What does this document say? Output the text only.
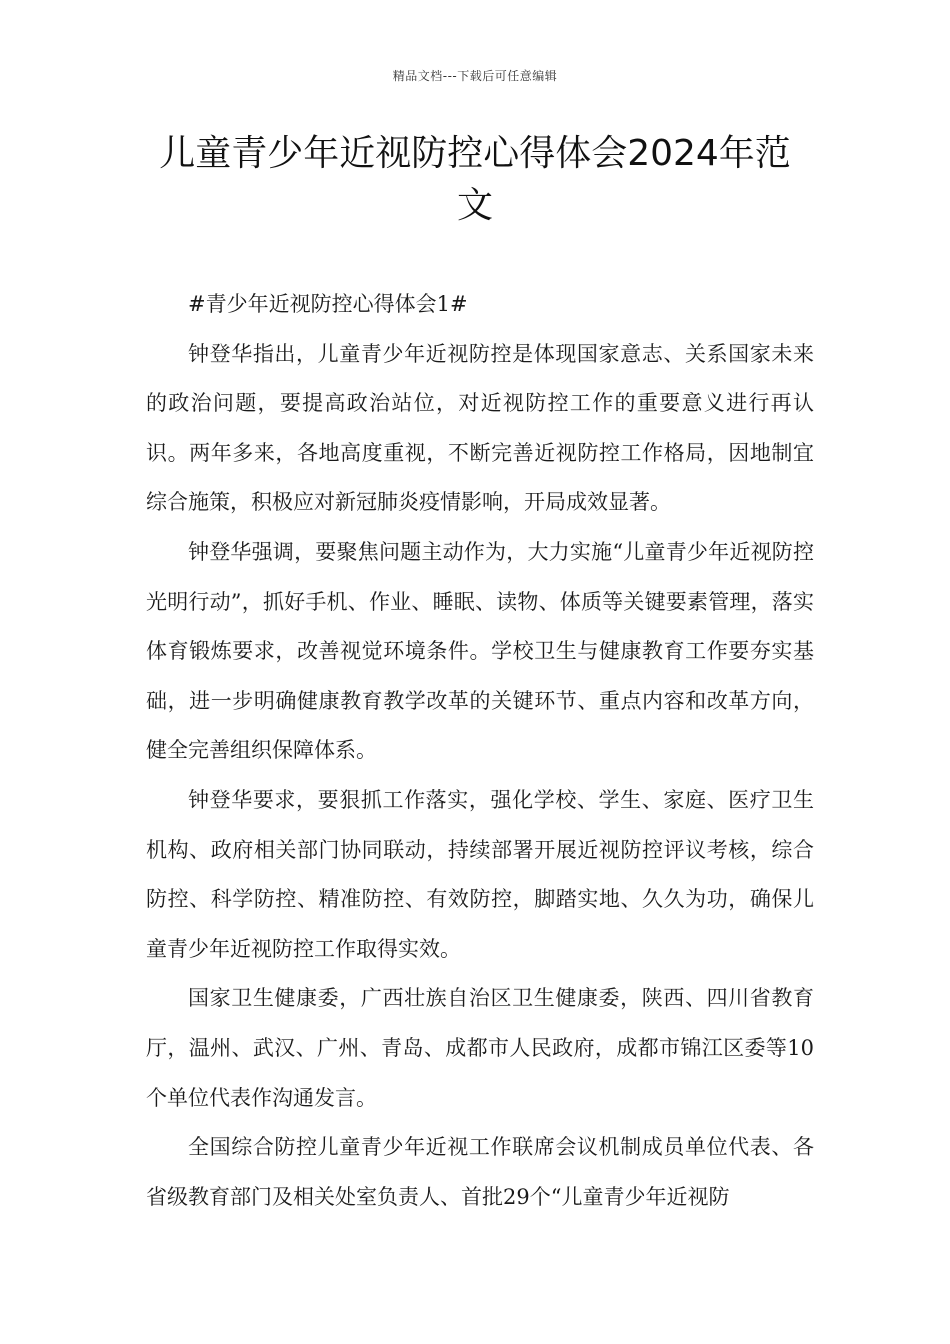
精品文档---下载后可任意编辑
儿童青少年近视防控心得体会2024年范文

#青少年近视防控心得体会1#

钟登华指出，儿童青少年近视防控是体现国家意志、关系国家未来的政治问题，要提高政治站位，对近视防控工作的重要意义进行再认识。两年多来，各地高度重视，不断完善近视防控工作格局，因地制宜综合施策，积极应对新冠肺炎疫情影响，开局成效显著。

钟登华强调，要聚焦问题主动作为，大力实施“儿童青少年近视防控光明行动”，抓好手机、作业、睡眠、读物、体质等关键要素管理，落实体育锻炼要求，改善视觉环境条件。学校卫生与健康教育工作要夯实基础，进一步明确健康教育教学改革的关键环节、重点内容和改革方向，健全完善组织保障体系。

钟登华要求，要狠抓工作落实，强化学校、学生、家庭、医疗卫生机构、政府相关部门协同联动，持续部署开展近视防控评议考核，综合防控、科学防控、精准防控、有效防控，脚踏实地、久久为功，确保儿童青少年近视防控工作取得实效。

国家卫生健康委，广西壮族自治区卫生健康委，陕西、四川省教育厅，温州、武汉、广州、青岛、成都市人民政府，成都市锦江区委等10个单位代表作沟通发言。

全国综合防控儿童青少年近视工作联席会议机制成员单位代表、各省级教育部门及相关处室负责人、首批29个“儿童青少年近视防
